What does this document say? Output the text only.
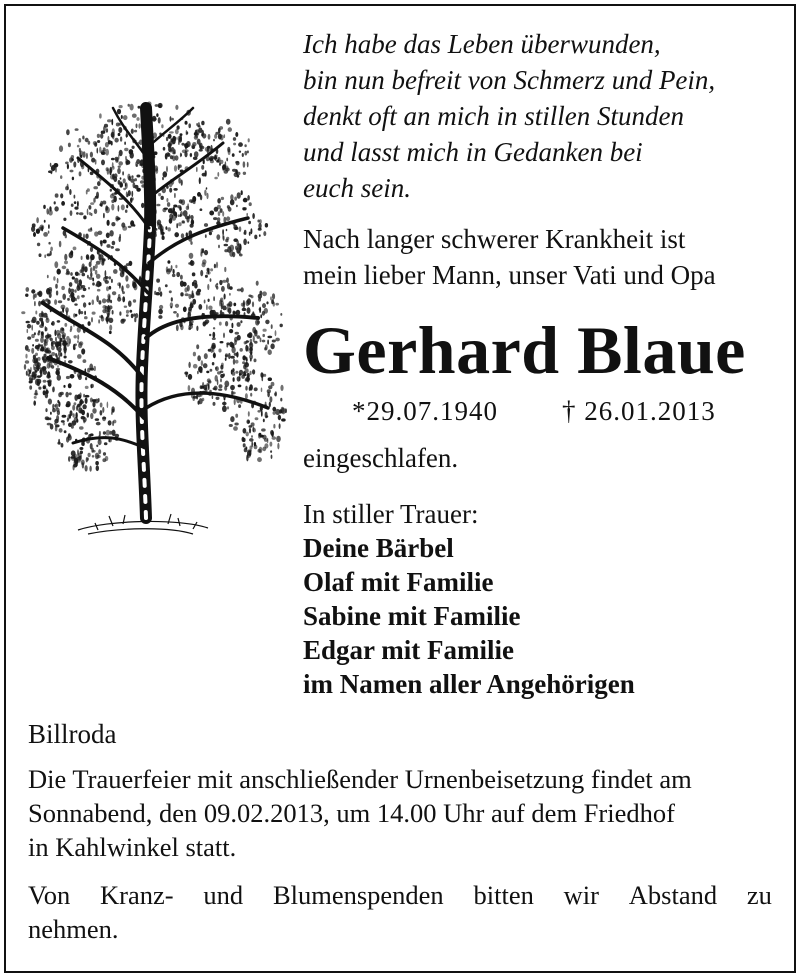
Ich habe das Leben überwunden,
bin nun befreit von Schmerz und Pein,
denkt oft an mich in stillen Stunden
und lasst mich in Gedanken bei
euch sein.
Nach langer schwerer Krankheit ist
mein lieber Mann, unser Vati und Opa
Gerhard Blaue
*29.07.1940 † 26.01.2013
eingeschlafen.
In stiller Trauer:
Deine Bärbel
Olaf mit Familie
Sabine mit Familie
Edgar mit Familie
im Namen aller Angehörigen
Billroda
Die Trauerfeier mit anschließender Urnenbeisetzung findet am
Sonnabend, den 09.02.2013, um 14.00 Uhr auf dem Friedhof
in Kahlwinkel statt.
Von Kranz- und Blumenspenden bitten wir Abstand zu
nehmen.
